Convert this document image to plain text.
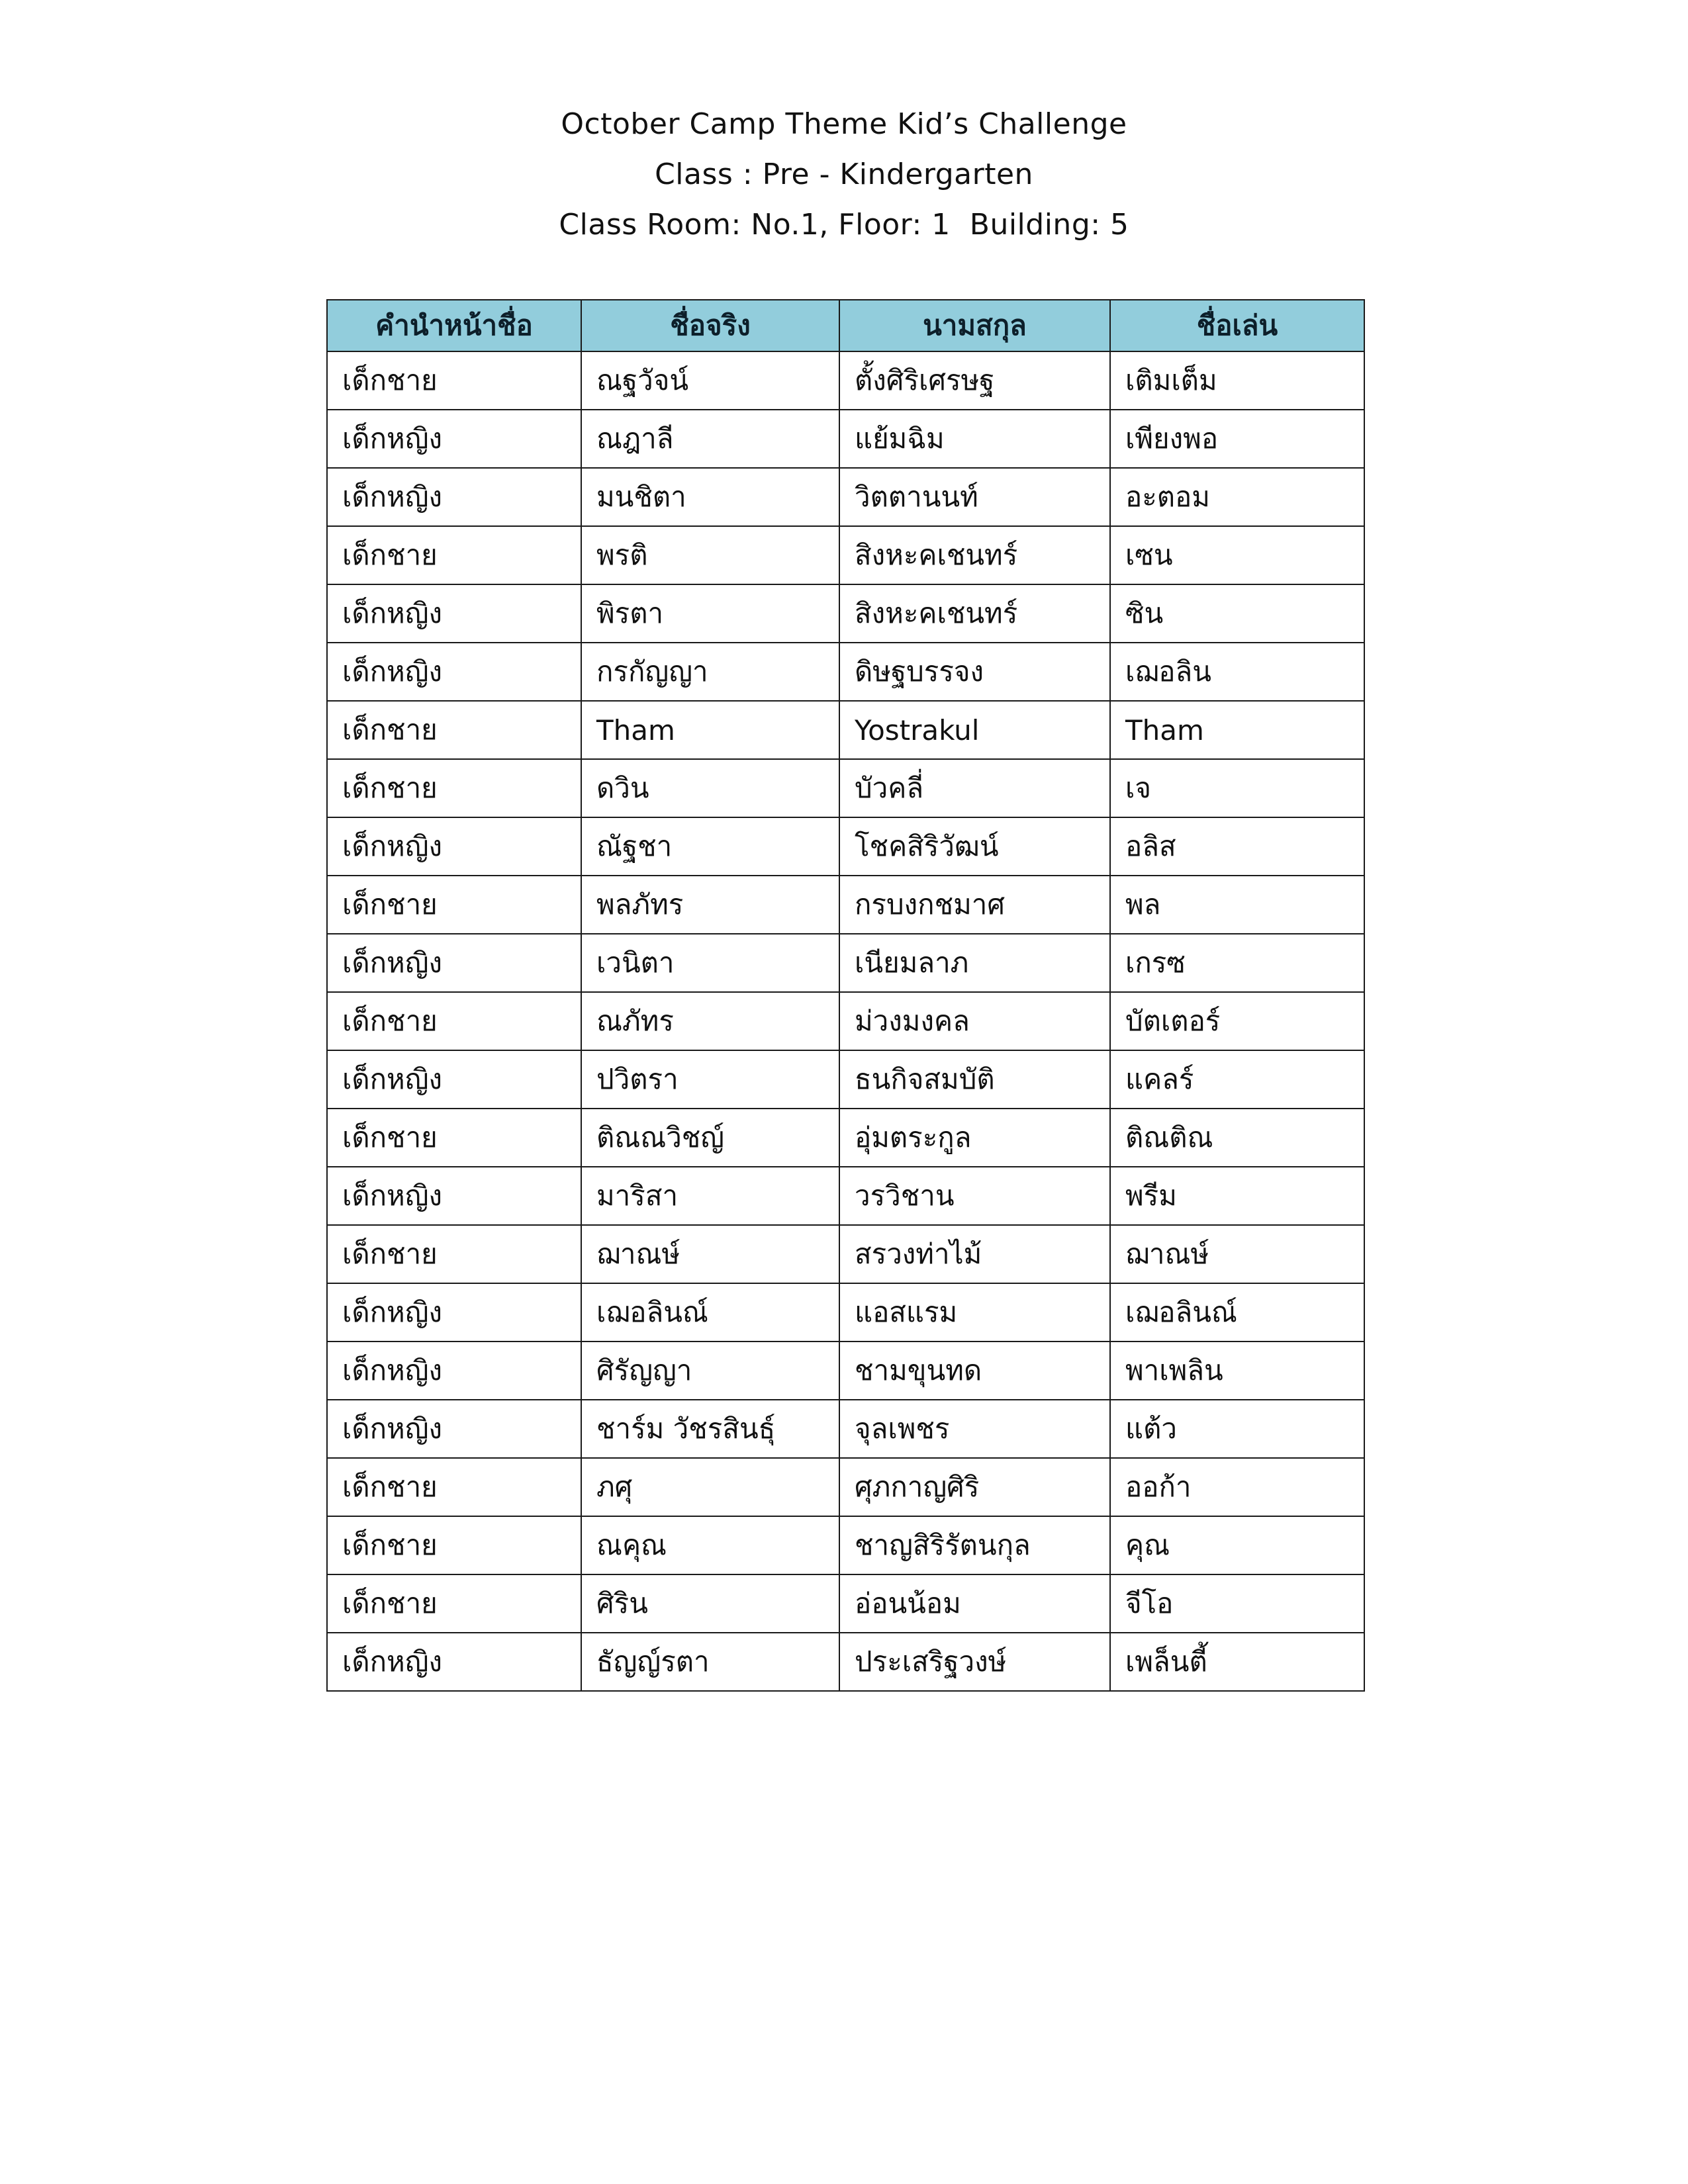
October Camp Theme Kid’s Challenge
Class : Pre - Kindergarten
Class Room: No.1, Floor: 1  Building: 5
คำนำหน้าชื่อ	ชื่อจริง	นามสกุล	ชื่อเล่น
เด็กชาย	ณฐวัจน์	ตั้งศิริเศรษฐ	เติมเต็ม
เด็กหญิง	ณฎาลี	แย้มฉิม	เพียงพอ
เด็กหญิง	มนชิตา	วิตตานนท์	อะตอม
เด็กชาย	พรติ	สิงหะคเชนทร์	เซน
เด็กหญิง	พิรตา	สิงหะคเชนทร์	ซิน
เด็กหญิง	กรกัญญา	ดิษฐบรรจง	เฌอลิน
เด็กชาย	Tham	Yostrakul	Tham
เด็กชาย	ดวิน	บัวคลี่	เจ
เด็กหญิง	ณัฐชา	โชคสิริวัฒน์	อลิส
เด็กชาย	พลภัทร	กรบงกชมาศ	พล
เด็กหญิง	เวนิตา	เนียมลาภ	เกรซ
เด็กชาย	ณภัทร	ม่วงมงคล	บัตเตอร์
เด็กหญิง	ปวิตรา	ธนกิจสมบัติ	แคลร์
เด็กชาย	ติณณวิชญ์	อุ่มตระกูล	ติณติณ
เด็กหญิง	มาริสา	วรวิชาน	พรีม
เด็กชาย	ฌาณษ์	สรวงท่าไม้	ฌาณษ์
เด็กหญิง	เฌอลินณ์	แอสแรม	เฌอลินณ์
เด็กหญิง	ศิรัญญา	ชามขุนทด	พาเพลิน
เด็กหญิง	ชาร์ม วัชรสินธุ์	จุลเพชร	แต้ว
เด็กชาย	ภศุ	ศุภกาญศิริ	ออก้า
เด็กชาย	ณคุณ	ชาญสิริรัตนกุล	คุณ
เด็กชาย	ศิริน	อ่อนน้อม	จีโอ
เด็กหญิง	ธัญญ์รตา	ประเสริฐวงษ์	เพล็นตี้
